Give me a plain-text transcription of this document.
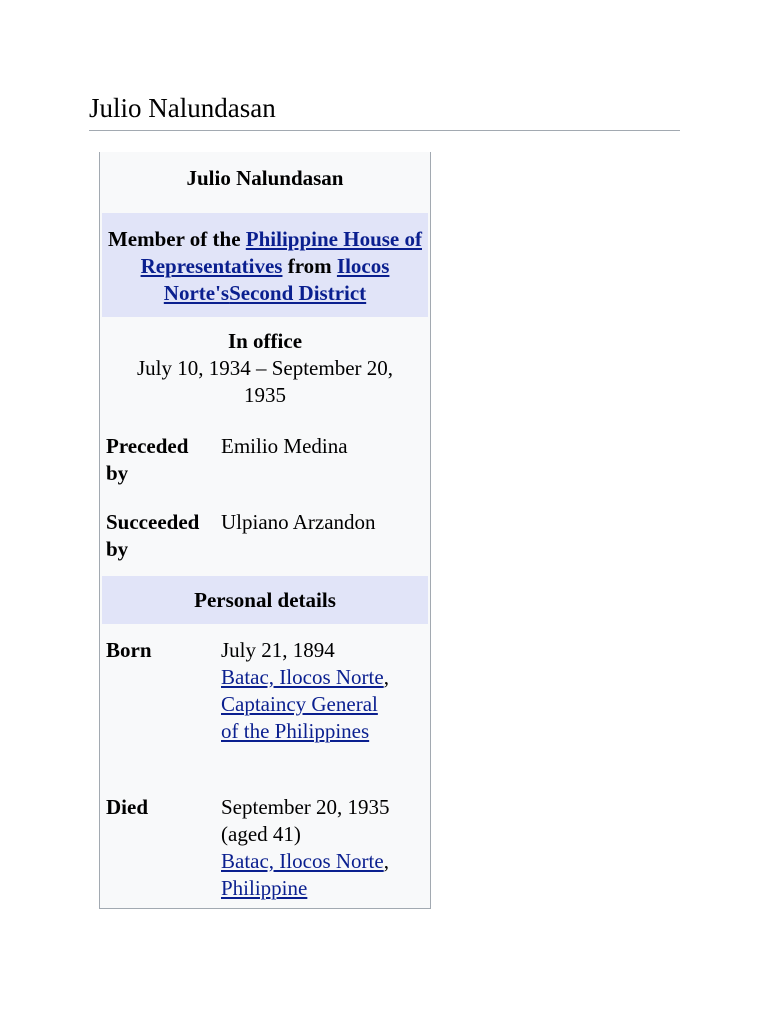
Julio Nalundasan
Julio Nalundasan
Member of the Philippine House of Representatives from Ilocos Norte'sSecond District
In office
July 10, 1934 – September 20, 1935
Preceded by
Emilio Medina
Succeeded by
Ulpiano Arzandon
Personal details
Born	July 21, 1894
Batac, Ilocos Norte, Captaincy General of the Philippines
Died	September 20, 1935 (aged 41)
Batac, Ilocos Norte, Philippine
